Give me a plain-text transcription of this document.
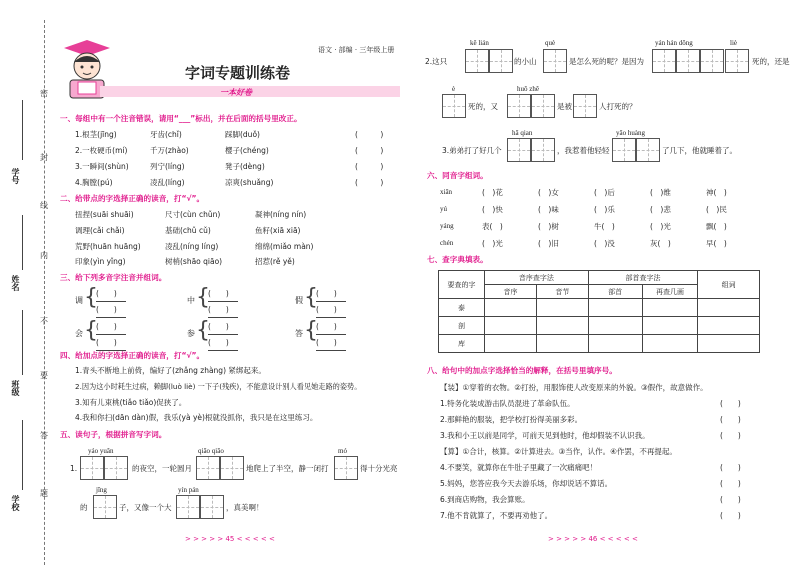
密
封
线
内
不
要
答
题
学号
姓名
班级
学校
语文 · 部编 · 三年级上册
字词专题训练卷
一本好卷
一、每组中有一个注音错误，请用“___”标出，并在后面的括号里改正。
1.根茎(jīng)	牙齿(chǐ)	踩脚(duǒ)	(　　　)
2.一枚硬币(mí)	千万(zhào)	樱子(chéng)	(　　　)
3.一瞬间(shùn)	列宁(líng)	凳子(dèng)	(　　　)
4.胸膛(pú)	凌乱(líng)	凉爽(shuǎng)	(　　　)
二、给带点的字选择正确的读音，打“√”。
扭捏(suāi shuāi)	尺寸(cùn chǔn)	凝神(níng nín)
调理(cǎi chǎi)	基础(chǔ cǔ)	鱼籽(xiā xiā)
荒野(huān huāng)	凌乱(níng líng)	绵绵(miǎo màn)
印象(yìn yǐng)	树梢(shāo qiāo)	招惹(rě yě)
三、给下列多音字注音并组词。
调 {
(　　)
(　　)
中 {
(　　)
(　　)
假 {
(　　)
(　　)
会 {
(　　)
(　　)
参 {
(　　)
(　　)
答 {
(　　)
(　　)
四、给加点的字选择正确的读音，打“√”。
1.青头不断地上前倚，编好了(zhǎng zhàng) 紧绑起来。
2.因为这小时耗生过病，赖脚(luò liè) 一下子(残疾)，不能意设计别人看见她走路的姿势。
3.知有儿束桃(tiǎo tiǎo)促狭了。
4.我和你扫(dān dàn)假，我乐(yà yè)根就没抓你，我只是在这里练习。
五、读句子，根据拼音写字词。
yáo yuǎn	qiāo qiāo	mó
1.	的夜空，一轮圆月	地爬上了半空，静一闭打	得十分光亮
jīng	yín pán
的	子，又像一个大	，真美啊！
> > > > > 45 < < < < <
kě lián	què	yán hán dōng	liè
2.这只	的小山	是怎么死的呢？是因为	死的，还是
è	huǒ zhě
死的，又	是被	人打死的？
hā qian	yāo huàng
3.弟弟打了好几个	，我惹着他轻轻	了几下，他就睡着了。
六、同音字组词。
xiān	(　)花	(　)女	(　)后	(　)维	神(　)
yú	(　)快	(　)味	(　)乐	(　)悲	(　)民
yáng	表(　)	(　)树	牛(　)	(　)光	飘(　)
chén	(　)光	(　)旧	(　)没	灰(　)	早(　)
七、查字典填表。
要查的字	音序查字法		部首查字法		组词
	音序	音节	部首	再查几画	
泰					
剖					
库					
八、给句中的加点字选择恰当的解释，在括号里填序号。
【装】①穿着的衣物。②打扮，用服饰使人改变原来的外貌。③假作，故意做作。
1.特务化装成游击队员混进了革命队伍。	(　　)
2.那鲜艳的服装，把学校打扮得美丽多彩。	(　　)
3.我和小王以前是同学，可前天见到他时，他却假装不认识我。	(　　)
【算】①合计，核算。②计算进去。③当作，认作。④作罢，不再提起。
4.不要笑，就算你在牛肚子里藏了一次痛痛吧！	(　　)
5.妈妈，您答应我今天去游乐场，你却说话不算话。	(　　)
6.到商店购物，我会算账。	(　　)
7.他不肯就算了，不要再劝他了。	(　　)
> > > > > 46 < < < < <
